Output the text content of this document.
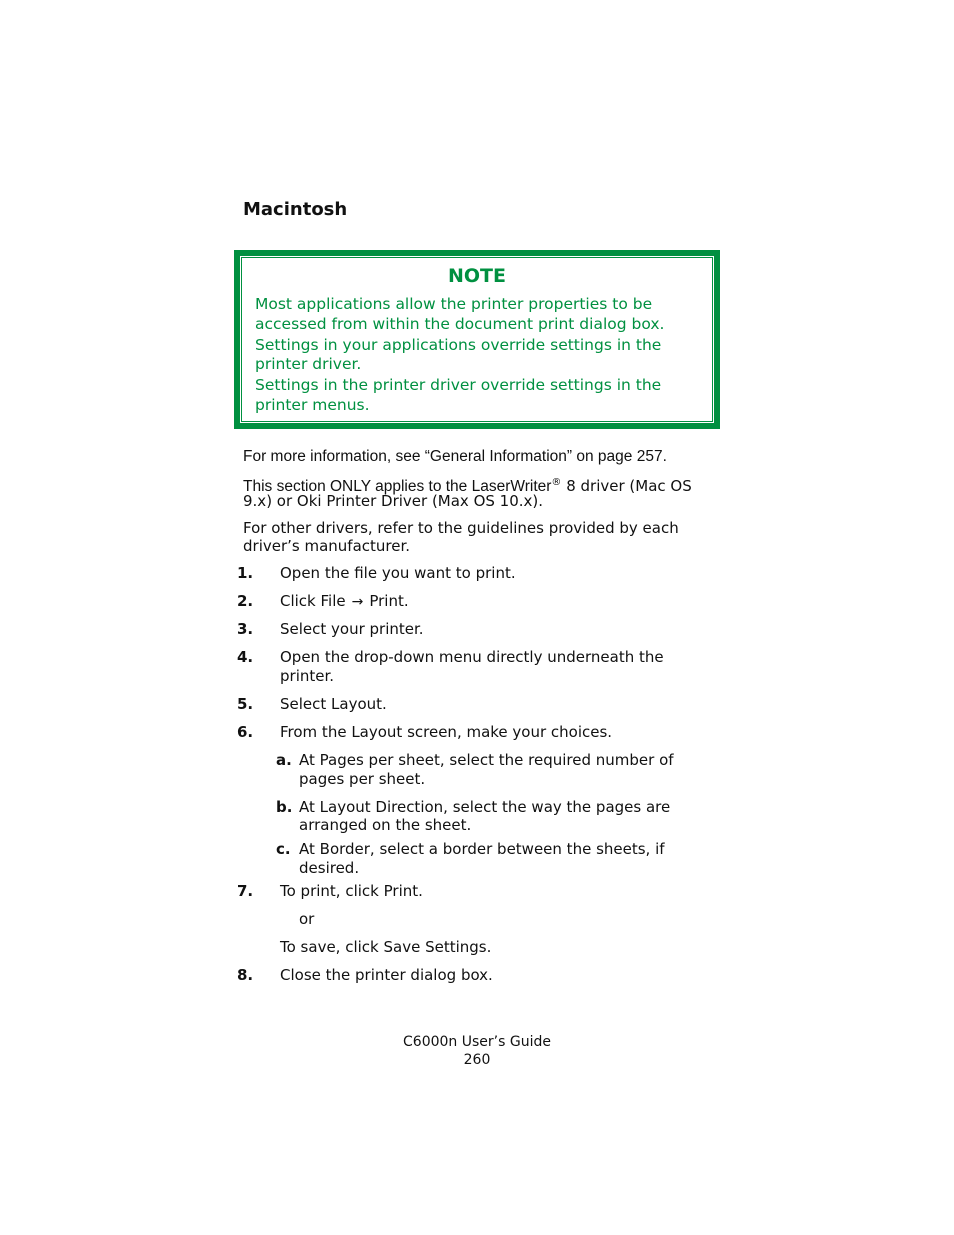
Macintosh
NOTE
Most applications allow the printer properties to be
accessed from within the document print dialog box.
Settings in your applications override settings in the
printer driver.
Settings in the printer driver override settings in the
printer menus.

For more information, see “General Information” on page 257.

This section ONLY applies to the LaserWriter® 8 driver (Mac OS

9.x) or Oki Printer Driver (Max OS 10.x).

For other drivers, refer to the guidelines provided by each

driver’s manufacturer.

1. Open the file you want to print.
2. Click File → Print.
3. Select your printer.
4. Open the drop-down menu directly underneath the
printer.
5. Select Layout.
6. From the Layout screen, make your choices.
a. At Pages per sheet, select the required number of
pages per sheet.
b. At Layout Direction, select the way the pages are
arranged on the sheet.
c. At Border, select a border between the sheets, if
desired.
7. To print, click Print.
or
To save, click Save Settings.
8. Close the printer dialog box.
C6000n User’s Guide
260
